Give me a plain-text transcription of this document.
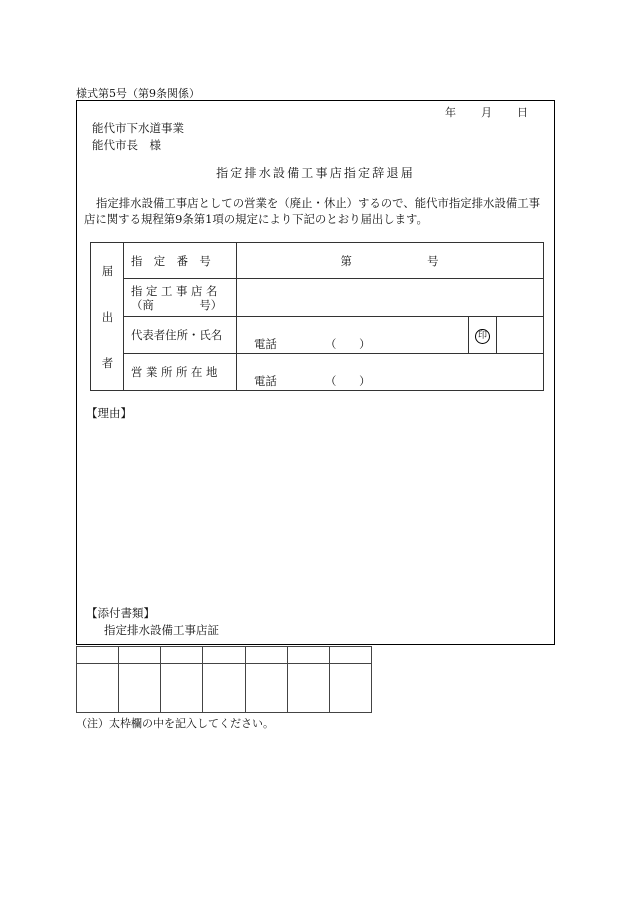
様式第5号（第9条関係）
年 月 日
能代市下水道事業
能代市長　様
指定排水設備工事店指定辞退届
指定排水設備工事店としての営業を（廃止・休止）するので、能代市指定排水設備工事店に関する規程第9条第1項の規定により下記のとおり届出します。
届
出
者	指　定　番　号	第　　　　　　号		

	指 定 工 事 店 名
（商　　　　号）			

	代表者住所・氏名	電話 （　　）	印	
	営 業 所 所 在 地	電話 （　　）		
【理由】
【添付書類】
指定排水設備工事店証

（注）太枠欄の中を記入してください。
